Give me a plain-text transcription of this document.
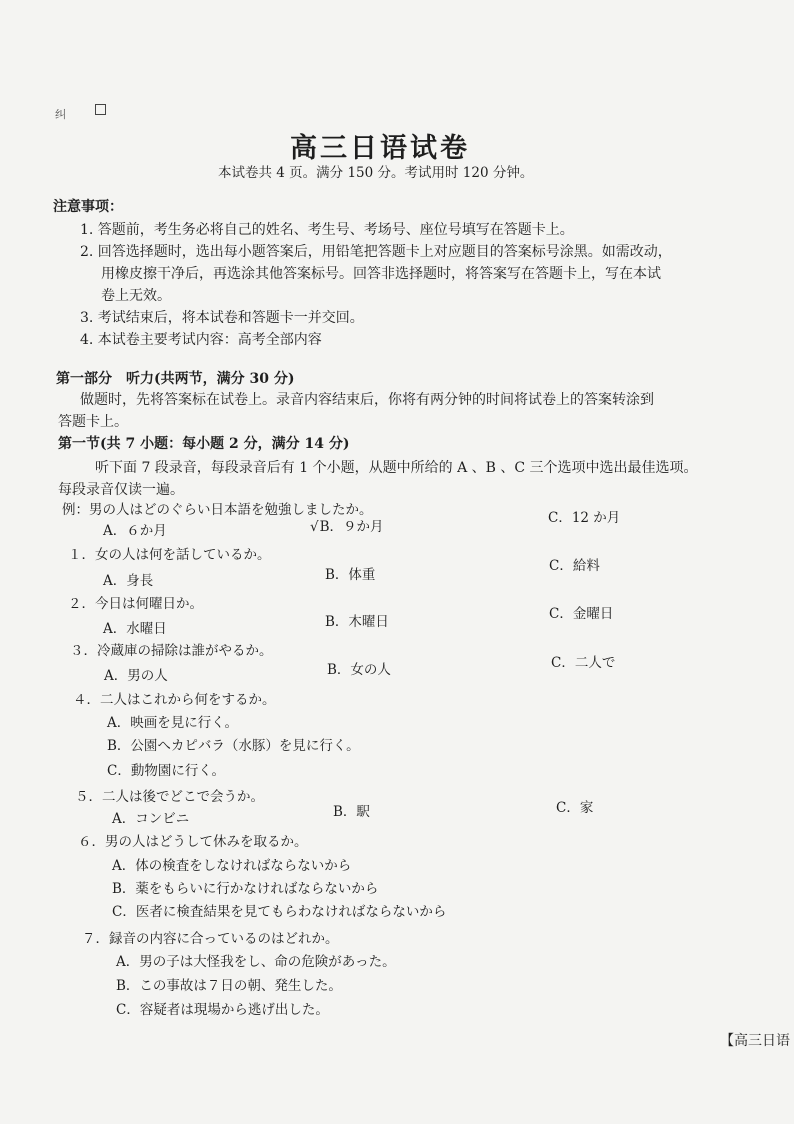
纠
高三日语试卷
本试卷共 4 页。满分 150 分。考试用时 120 分钟。
注意事项：
1. 答题前，考生务必将自己的姓名、考生号、考场号、座位号填写在答题卡上。
2. 回答选择题时，选出每小题答案后，用铅笔把答题卡上对应题目的答案标号涂黑。如需改动，
用橡皮擦干净后，再选涂其他答案标号。回答非选择题时，将答案写在答题卡上，写在本试
卷上无效。
3. 考试结束后，将本试卷和答题卡一并交回。
4. 本试卷主要考试内容：高考全部内容
第一部分　听力(共两节，满分 30 分)
做题时，先将答案标在试卷上。录音内容结束后，你将有两分钟的时间将试卷上的答案转涂到
答题卡上。
第一节(共 7 小题：每小题 2 分，满分 14 分)
听下面 7 段录音，每段录音后有 1 个小题，从题中所给的 A 、B 、C 三个选项中选出最佳选项。
每段录音仅读一遍。
例：男の人はどのぐらい日本語を勉強しましたか。
A．６か月	√B．９か月
C．12 か月
１．女の人は何を話しているか。
A．身長	B．体重
C．給料
２．今日は何曜日か。
A．水曜日	B．木曜日	C．金曜日
３．冷蔵庫の掃除は誰がやるか。
A．男の人	B．女の人	C．二人で
４．二人はこれから何をするか。
A．映画を見に行く。
B．公園へカピバラ（水豚）を見に行く。
C．動物園に行く。
５．二人は後でどこで会うか。
A．コンビニ	B．駅	C．家
６．男の人はどうして休みを取るか。
A．体の検査をしなければならないから
B．薬をもらいに行かなければならないから
C．医者に検査結果を見てもらわなければならないから
７．録音の内容に合っているのはどれか。
A．男の子は大怪我をし、命の危険があった。
B．この事故は７日の朝、発生した。
C．容疑者は現場から逃げ出した。
【高三日语
